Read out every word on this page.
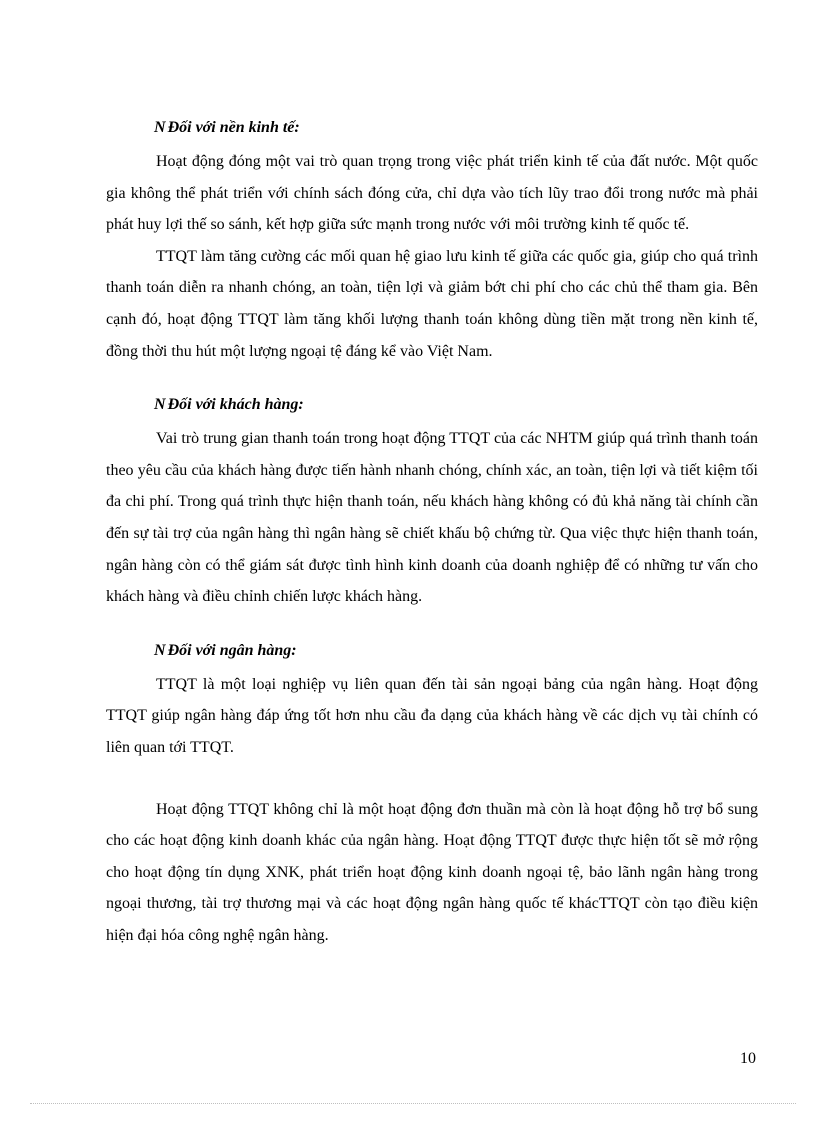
N Đối với nền kinh tế:

Hoạt động đóng một vai trò quan trọng trong việc phát triển kinh tế của đất nước. Một quốc gia không thể phát triển với chính sách đóng cửa, chỉ dựa vào tích lũy trao đổi trong nước mà phải phát huy lợi thế so sánh, kết hợp giữa sức mạnh trong nước với môi trường kinh tế quốc tế.

TTQT làm tăng cường các mối quan hệ giao lưu kinh tế giữa các quốc gia, giúp cho quá trình thanh toán diễn ra nhanh chóng, an toàn, tiện lợi và giảm bớt chi phí cho các chủ thể tham gia. Bên cạnh đó, hoạt động TTQT làm tăng khối lượng thanh toán không dùng tiền mặt trong nền kinh tế, đồng thời thu hút một lượng ngoại tệ đáng kể vào Việt Nam.

N Đối với khách hàng:

Vai trò trung gian thanh toán trong hoạt động TTQT của các NHTM giúp quá trình thanh toán theo yêu cầu của khách hàng được tiến hành nhanh chóng, chính xác, an toàn, tiện lợi và tiết kiệm tối đa chi phí. Trong quá trình thực hiện thanh toán, nếu khách hàng không có đủ khả năng tài chính cần đến sự tài trợ của ngân hàng thì ngân hàng sẽ chiết khấu bộ chứng từ. Qua việc thực hiện thanh toán, ngân hàng còn có thể giám sát được tình hình kinh doanh của doanh nghiệp để có những tư vấn cho khách hàng và điều chỉnh chiến lược khách hàng.

N Đối với ngân hàng:

TTQT là một loại nghiệp vụ liên quan đến tài sản ngoại bảng của ngân hàng. Hoạt động TTQT giúp ngân hàng đáp ứng tốt hơn nhu cầu đa dạng của khách hàng về các dịch vụ tài chính có liên quan tới TTQT.

Hoạt động TTQT không chỉ là một hoạt động đơn thuần mà còn là hoạt động hỗ trợ bổ sung cho các hoạt động kinh doanh khác của ngân hàng. Hoạt động TTQT được thực hiện tốt sẽ mở rộng cho hoạt động tín dụng XNK, phát triển hoạt động kinh doanh ngoại tệ, bảo lãnh ngân hàng trong ngoại thương, tài trợ thương mại và các hoạt động ngân hàng quốc tế khácTTQT còn tạo điều kiện hiện đại hóa công nghệ ngân hàng.

10
